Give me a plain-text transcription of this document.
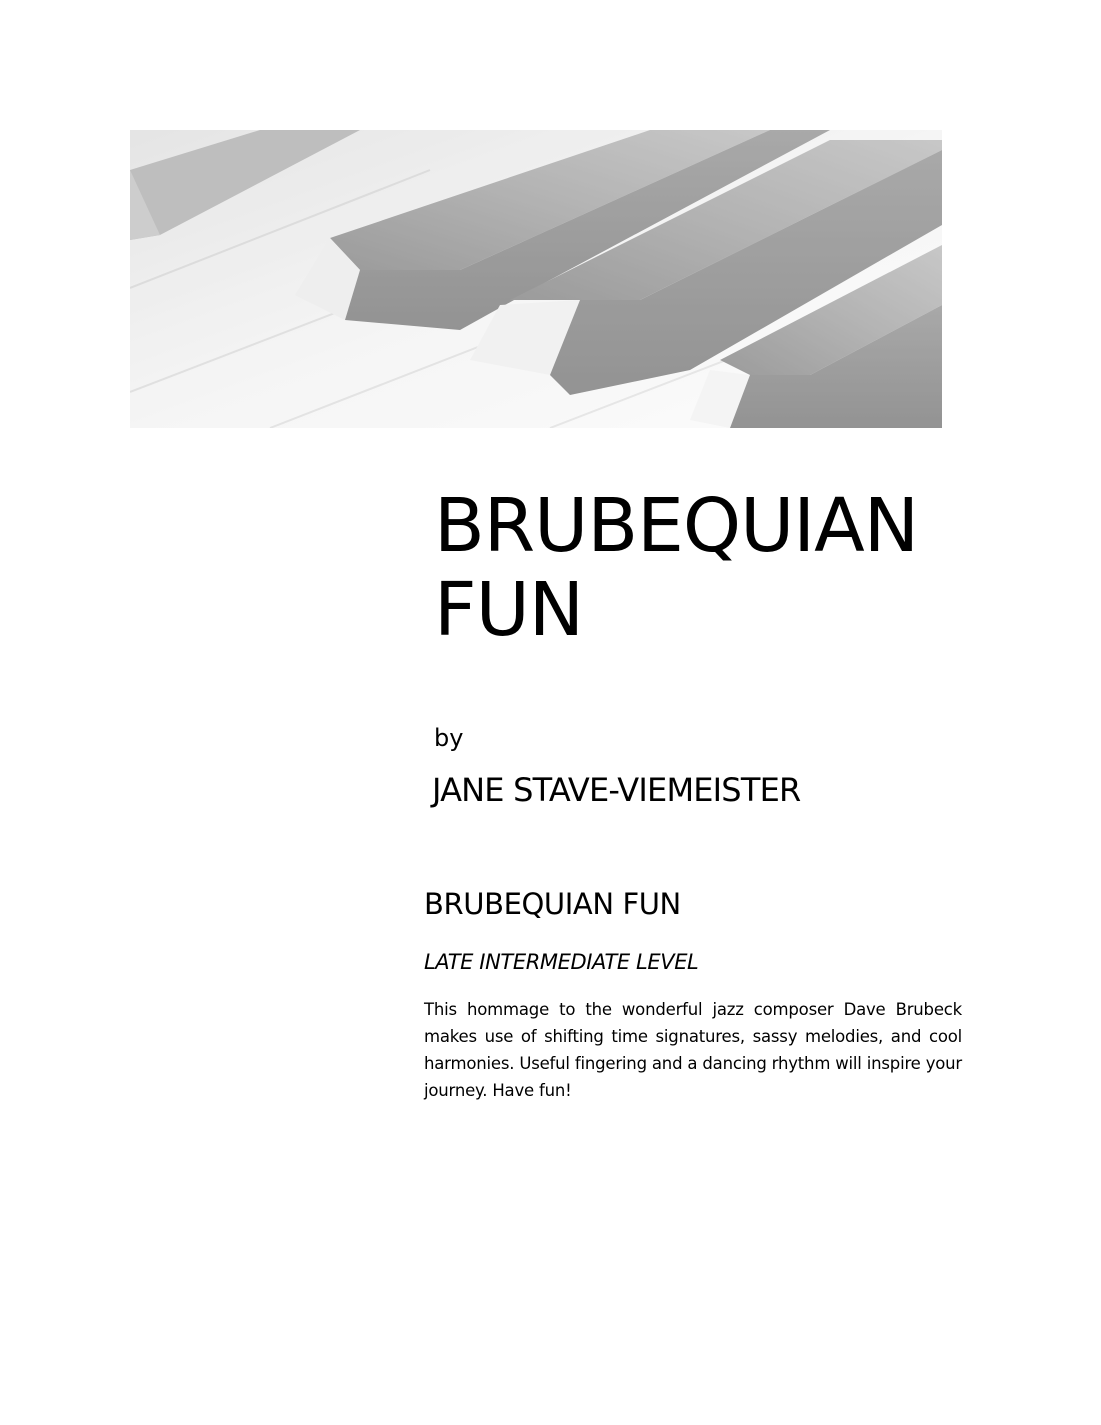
BRUBEQUIAN
FUN
by
JANE STAVE-VIEMEISTER
BRUBEQUIAN FUN
LATE INTERMEDIATE LEVEL

This hommage to the wonderful jazz composer Dave Brubeck makes use of shifting time signatures, sassy melodies, and cool harmonies. Useful fingering and a dancing rhythm will inspire your journey. Have fun!
